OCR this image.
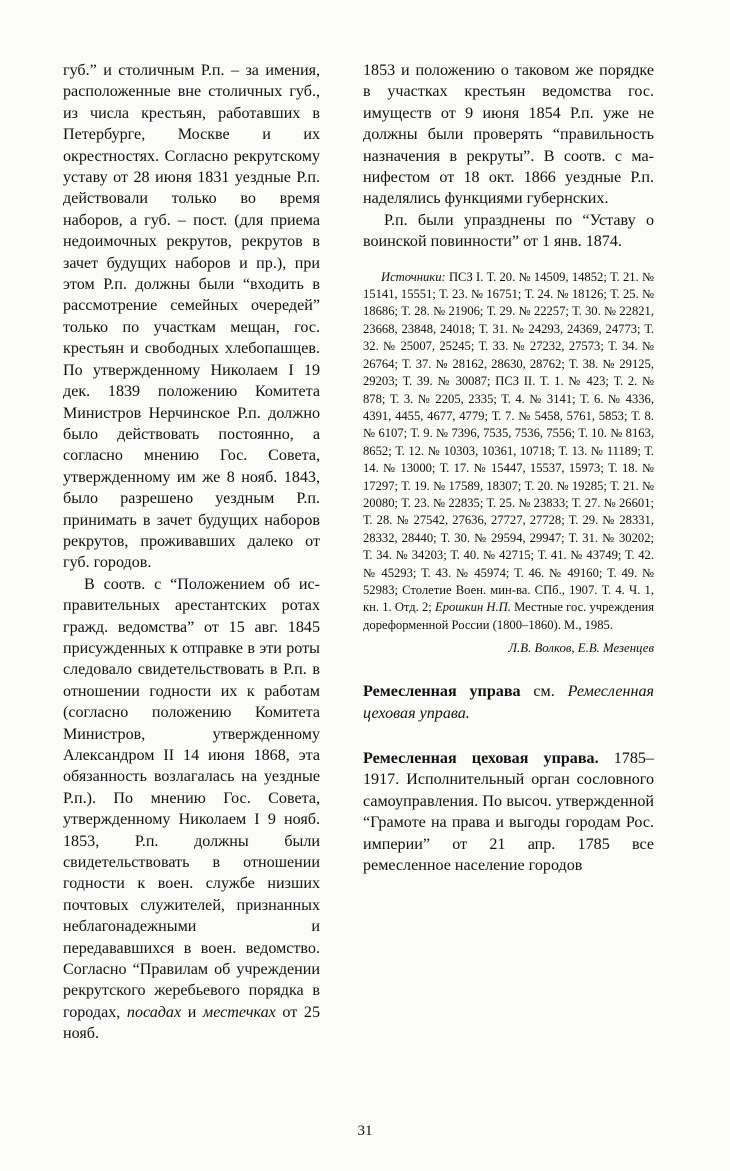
губ.” и столичным Р.п. – за имения, расположенные вне столичных губ., из числа крестьян, работавших в Петербурге, Москве и их окрестностях. Согласно рекрутскому уставу от 28 июня 1831 уездные Р.п. действовали только во время наборов, а губ. – пост. (для приема недоимочных рекрутов, рекрутов в зачет будущих наборов и пр.), при этом Р.п. должны были “входить в рассмотрение семейных очередей” только по участкам мещан, гос. крестьян и свободных хлебопашцев. По утвержденному Николаем I 19 дек. 1839 положению Комитета Министров Нерчинское Р.п. должно было действовать постоянно, а согласно мнению Гос. Совета, утвержденному им же 8 нояб. 1843, было разрешено уездным Р.п. принимать в зачет будущих наборов рекрутов, проживавших далеко от губ. городов.

В соотв. с “Положением об исправительных арестантских ротах гражд. ведомства” от 15 авг. 1845 присужденных к отправке в эти роты следовало свидетельствовать в Р.п. в отношении годности их к работам (согласно положению Комитета Министров, утвержденному Александром II 14 июня 1868, эта обязанность возлагалась на уездные Р.п.). По мнению Гос. Совета, утвержденному Николаем I 9 нояб. 1853, Р.п. должны были свидетельствовать в отношении годности к воен. службе низших почтовых служителей, признанных неблагонадежными и передававшихся в воен. ведомство. Согласно “Правилам об учреждении рекрутского жеребьевого порядка в городах, посадах и местечках от 25 нояб.

1853 и положению о таковом же порядке в участках крестьян ведомства гос. имуществ от 9 июня 1854 Р.п. уже не должны были проверять “правильность назначения в рекруты”. В соотв. с манифестом от 18 окт. 1866 уездные Р.п. наделялись функциями губернских.

Р.п. были упразднены по “Уставу о воинской повинности” от 1 янв. 1874.

Источники: ПСЗ I. Т. 20. № 14509, 14852; Т. 21. № 15141, 15551; Т. 23. № 16751; Т. 24. № 18126; Т. 25. № 18686; Т. 28. № 21906; Т. 29. № 22257; Т. 30. № 22821, 23668, 23848, 24018; Т. 31. № 24293, 24369, 24773; Т. 32. № 25007, 25245; Т. 33. № 27232, 27573; Т. 34. № 26764; Т. 37. № 28162, 28630, 28762; Т. 38. № 29125, 29203; Т. 39. № 30087; ПСЗ II. Т. 1. № 423; Т. 2. № 878; Т. 3. № 2205, 2335; Т. 4. № 3141; Т. 6. № 4336, 4391, 4455, 4677, 4779; Т. 7. № 5458, 5761, 5853; Т. 8. № 6107; Т. 9. № 7396, 7535, 7536, 7556; Т. 10. № 8163, 8652; Т. 12. № 10303, 10361, 10718; Т. 13. № 11189; Т. 14. № 13000; Т. 17. № 15447, 15537, 15973; Т. 18. № 17297; Т. 19. № 17589, 18307; Т. 20. № 19285; Т. 21. № 20080; Т. 23. № 22835; Т. 25. № 23833; Т. 27. № 26601; Т. 28. № 27542, 27636, 27727, 27728; Т. 29. № 28331, 28332, 28440; Т. 30. № 29594, 29947; Т. 31. № 30202; Т. 34. № 34203; Т. 40. № 42715; Т. 41. № 43749; Т. 42. № 45293; Т. 43. № 45974; Т. 46. № 49160; Т. 49. № 52983; Столетие Воен. мин-ва. СПб., 1907. Т. 4. Ч. 1, кн. 1. Отд. 2; Ерошкин Н.П. Местные гос. учреждения дореформенной России (1800–1860). М., 1985.

Л.В. Волков, Е.В. Мезенцев

Ремесленная управа см. Ремесленная цеховая управа.

Ремесленная цеховая управа. 1785–1917. Исполнительный орган сословного самоуправления. По высоч. утвержденной “Грамоте на права и выгоды городам Рос. империи” от 21 апр. 1785 все ремесленное население городов

31
